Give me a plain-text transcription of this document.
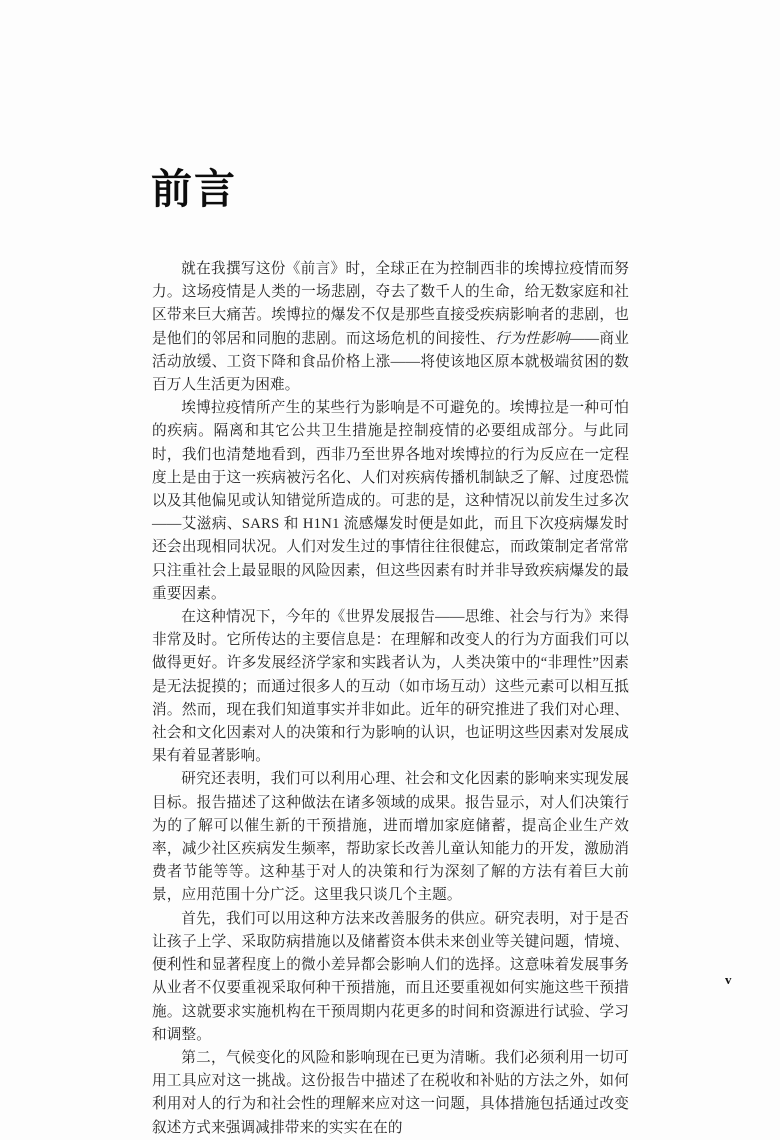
前言

就在我撰写这份《前言》时，全球正在为控制西非的埃博拉疫情而努力。这场疫情是人类的一场悲剧，夺去了数千人的生命，给无数家庭和社区带来巨大痛苦。埃博拉的爆发不仅是那些直接受疾病影响者的悲剧，也是他们的邻居和同胞的悲剧。而这场危机的间接性、行为性影响——商业活动放缓、工资下降和食品价格上涨——将使该地区原本就极端贫困的数百万人生活更为困难。

埃博拉疫情所产生的某些行为影响是不可避免的。埃博拉是一种可怕的疾病。隔离和其它公共卫生措施是控制疫情的必要组成部分。与此同时，我们也清楚地看到，西非乃至世界各地对埃博拉的行为反应在一定程度上是由于这一疾病被污名化、人们对疾病传播机制缺乏了解、过度恐慌以及其他偏见或认知错觉所造成的。可悲的是，这种情况以前发生过多次——艾滋病、SARS 和 H1N1 流感爆发时便是如此，而且下次疫病爆发时还会出现相同状况。人们对发生过的事情往往很健忘，而政策制定者常常只注重社会上最显眼的风险因素，但这些因素有时并非导致疾病爆发的最重要因素。

在这种情况下，今年的《世界发展报告——思维、社会与行为》来得非常及时。它所传达的主要信息是：在理解和改变人的行为方面我们可以做得更好。许多发展经济学家和实践者认为，人类决策中的“非理性”因素是无法捉摸的；而通过很多人的互动（如市场互动）这些元素可以相互抵消。然而，现在我们知道事实并非如此。近年的研究推进了我们对心理、社会和文化因素对人的决策和行为影响的认识，也证明这些因素对发展成果有着显著影响。

研究还表明，我们可以利用心理、社会和文化因素的影响来实现发展目标。报告描述了这种做法在诸多领域的成果。报告显示，对人们决策行为的了解可以催生新的干预措施，进而增加家庭储蓄，提高企业生产效率，减少社区疾病发生频率，帮助家长改善儿童认知能力的开发，激励消费者节能等等。这种基于对人的决策和行为深刻了解的方法有着巨大前景，应用范围十分广泛。这里我只谈几个主题。

首先，我们可以用这种方法来改善服务的供应。研究表明，对于是否让孩子上学、采取防病措施以及储蓄资本供未来创业等关键问题，情境、便利性和显著程度上的微小差异都会影响人们的选择。这意味着发展事务从业者不仅要重视采取何种干预措施，而且还要重视如何实施这些干预措施。这就要求实施机构在干预周期内花更多的时间和资源进行试验、学习和调整。

第二，气候变化的风险和影响现在已更为清晰。我们必须利用一切可用工具应对这一挑战。这份报告中描述了在税收和补贴的方法之外，如何利用对人的行为和社会性的理解来应对这一问题，具体措施包括通过改变叙述方式来强调减排带来的实实在在的

v
